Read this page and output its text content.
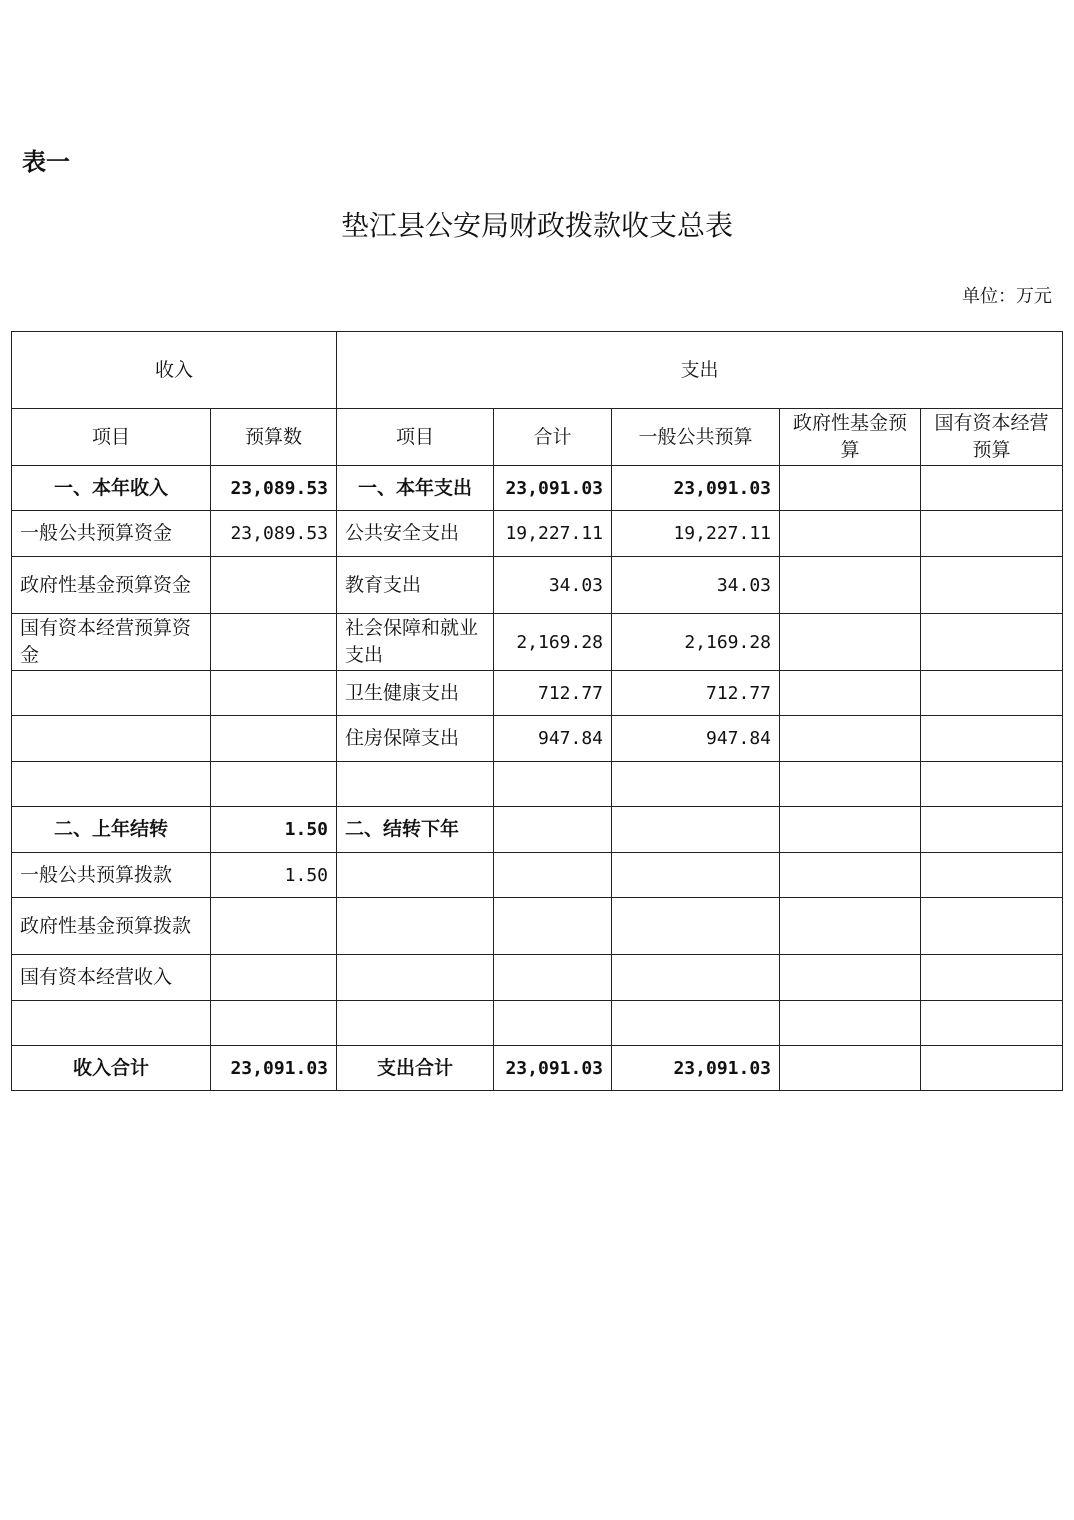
表一
垫江县公安局财政拨款收支总表
单位：万元
收入		支出				
项目	预算数	项目	合计	一般公共预算	政府性基金预算	国有资本经营预算
一、本年收入	23,089.53	一、本年支出	23,091.03	23,091.03		
一般公共预算资金	23,089.53	公共安全支出	19,227.11	19,227.11		
政府性基金预算资金		教育支出	34.03	34.03		
国有资本经营预算资金		社会保障和就业支出	2,169.28	2,169.28		
		卫生健康支出	712.77	712.77		
		住房保障支出	947.84	947.84		

二、上年结转	1.50	二、结转下年				
一般公共预算拨款	1.50					
政府性基金预算拨款						
国有资本经营收入						

收入合计	23,091.03	支出合计	23,091.03	23,091.03		
